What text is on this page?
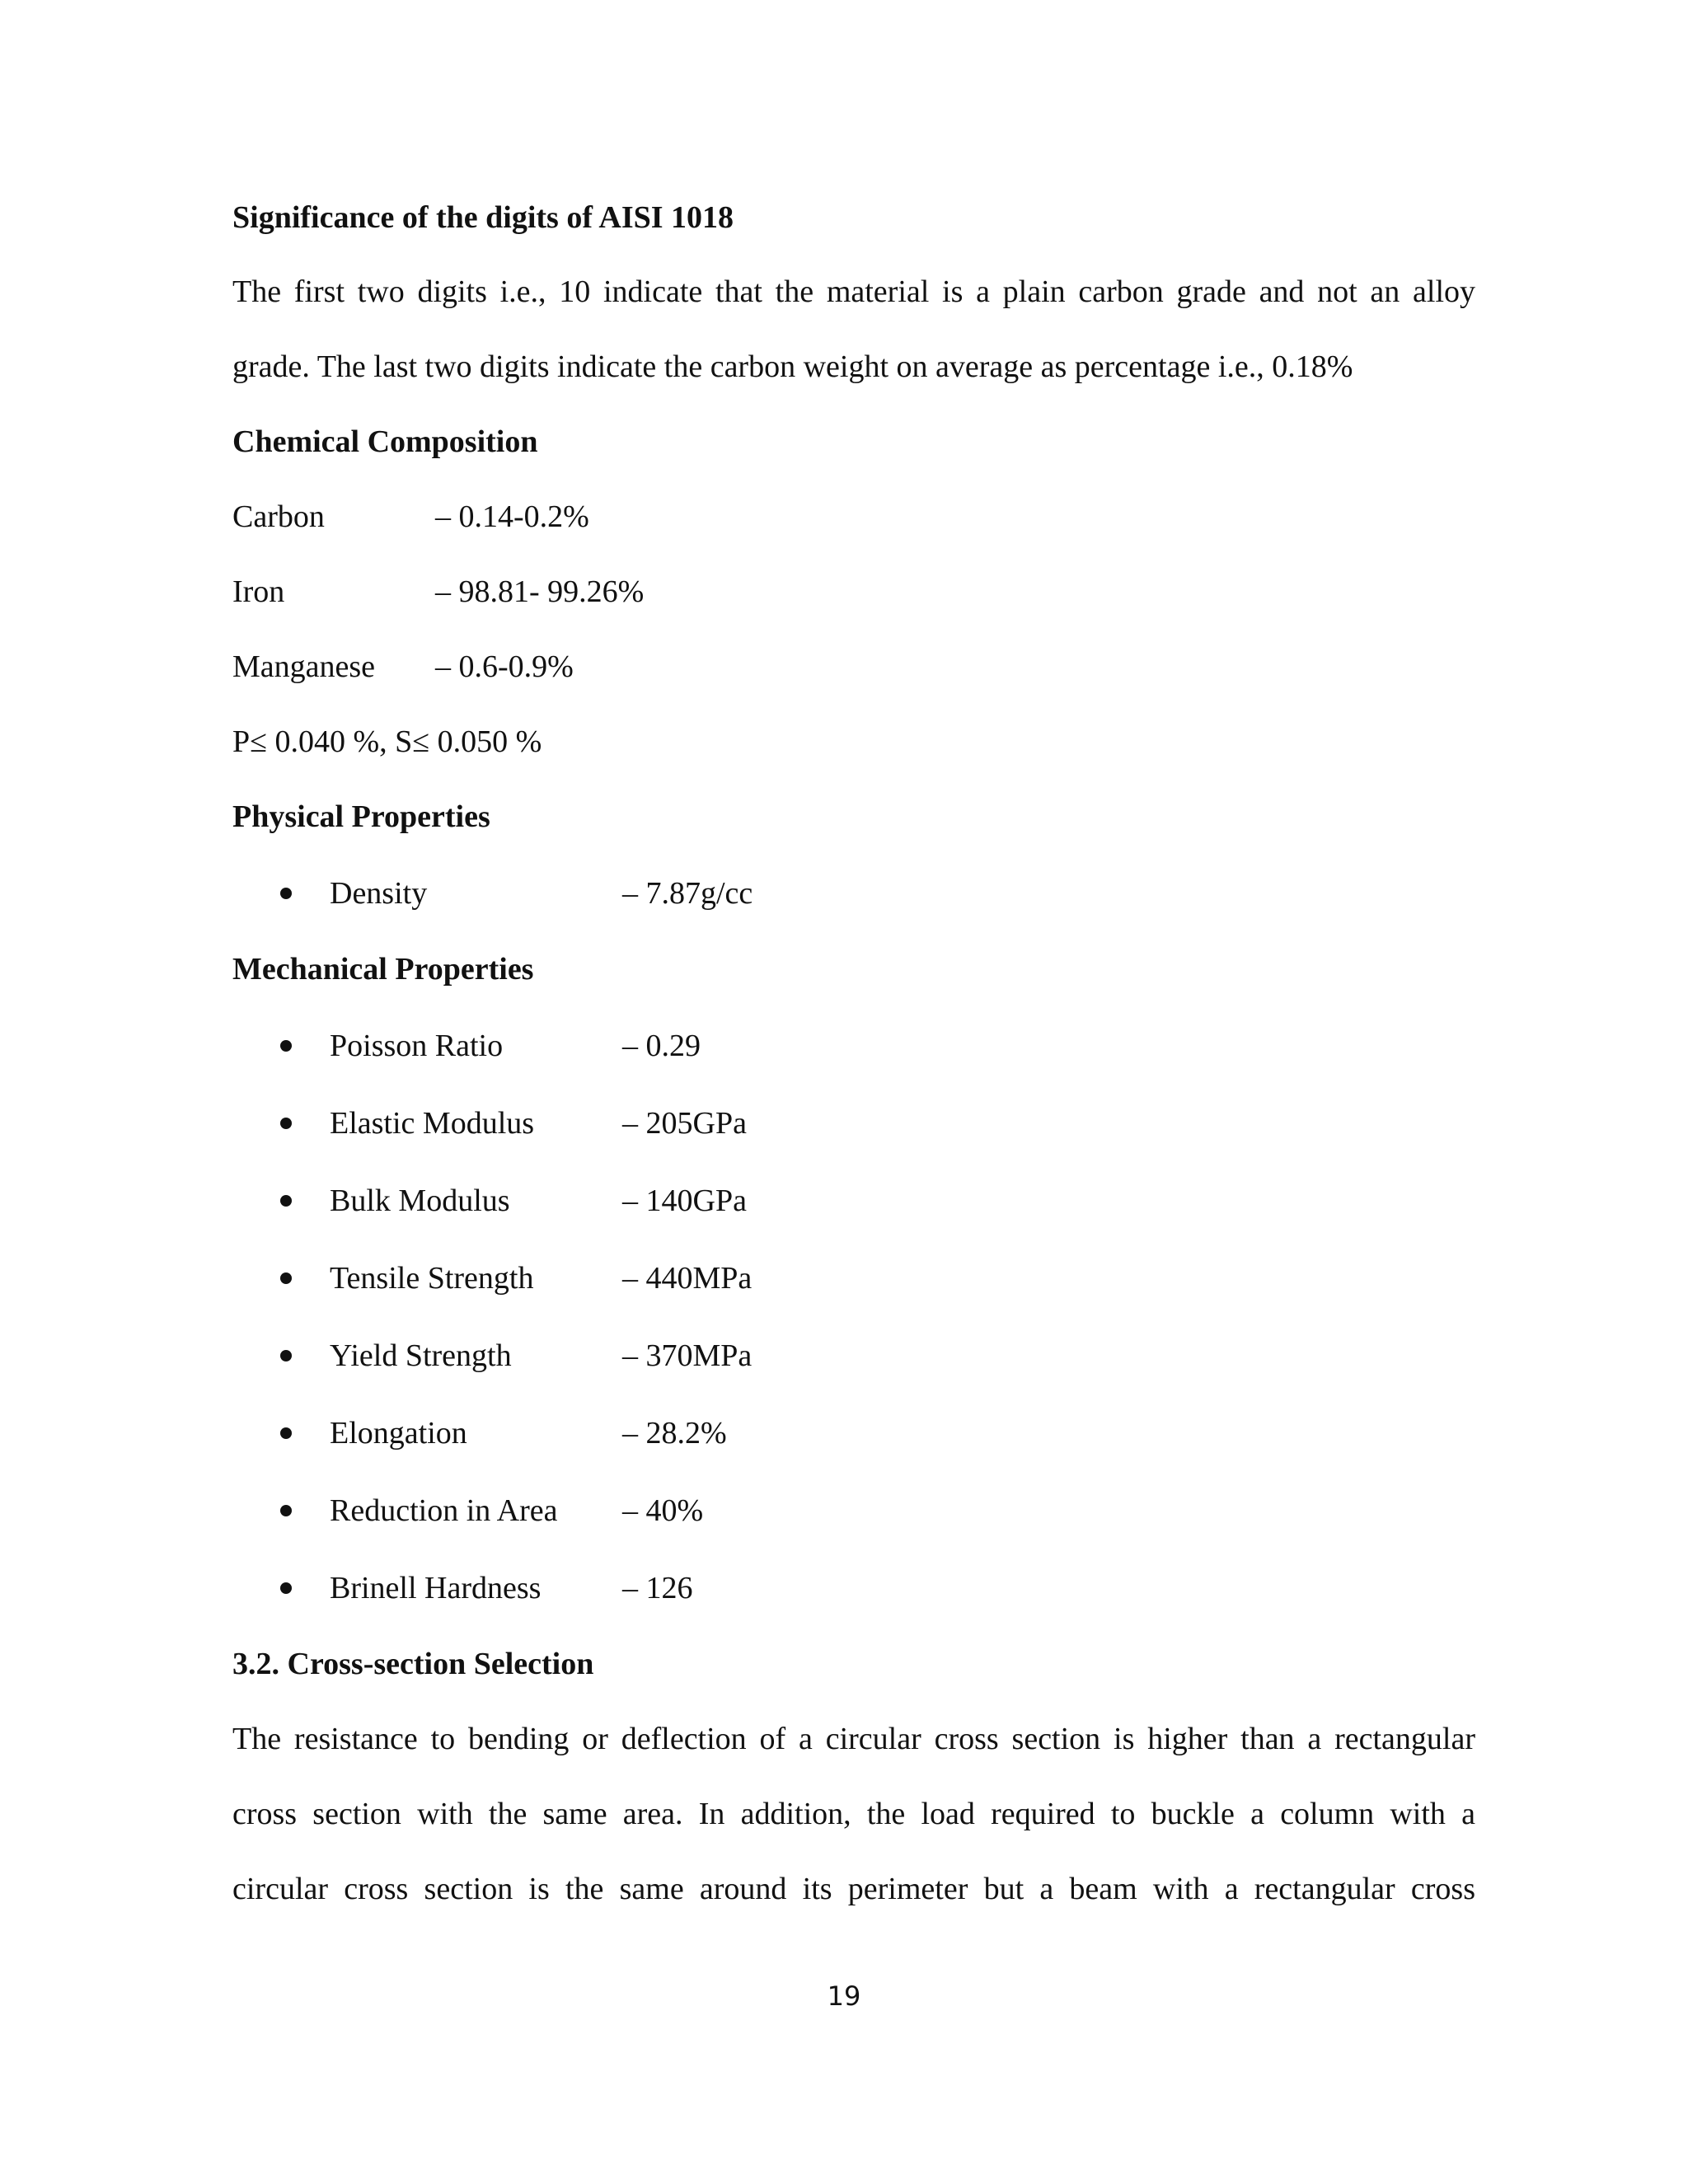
Significance of the digits of AISI 1018
The first two digits i.e., 10 indicate that the material is a plain carbon grade and not an alloy
grade. The last two digits indicate the carbon weight on average as percentage i.e., 0.18%
Chemical Composition
Carbon	– 0.14-0.2%
Iron	– 98.81- 99.26%
Manganese – 0.6-0.9%
P≤ 0.040 %, S≤ 0.050 %
Physical Properties
Density	– 7.87g/cc
Mechanical Properties
Poisson Ratio	– 0.29
Elastic Modulus	– 205GPa
Bulk Modulus	– 140GPa
Tensile Strength	– 440MPa
Yield Strength	– 370MPa
Elongation	– 28.2%
Reduction in Area – 40%
Brinell Hardness	– 126
3.2. Cross-section Selection
The resistance to bending or deflection of a circular cross section is higher than a rectangular
cross section with the same area. In addition, the load required to buckle a column with a
circular cross section is the same around its perimeter but a beam with a rectangular cross
19
